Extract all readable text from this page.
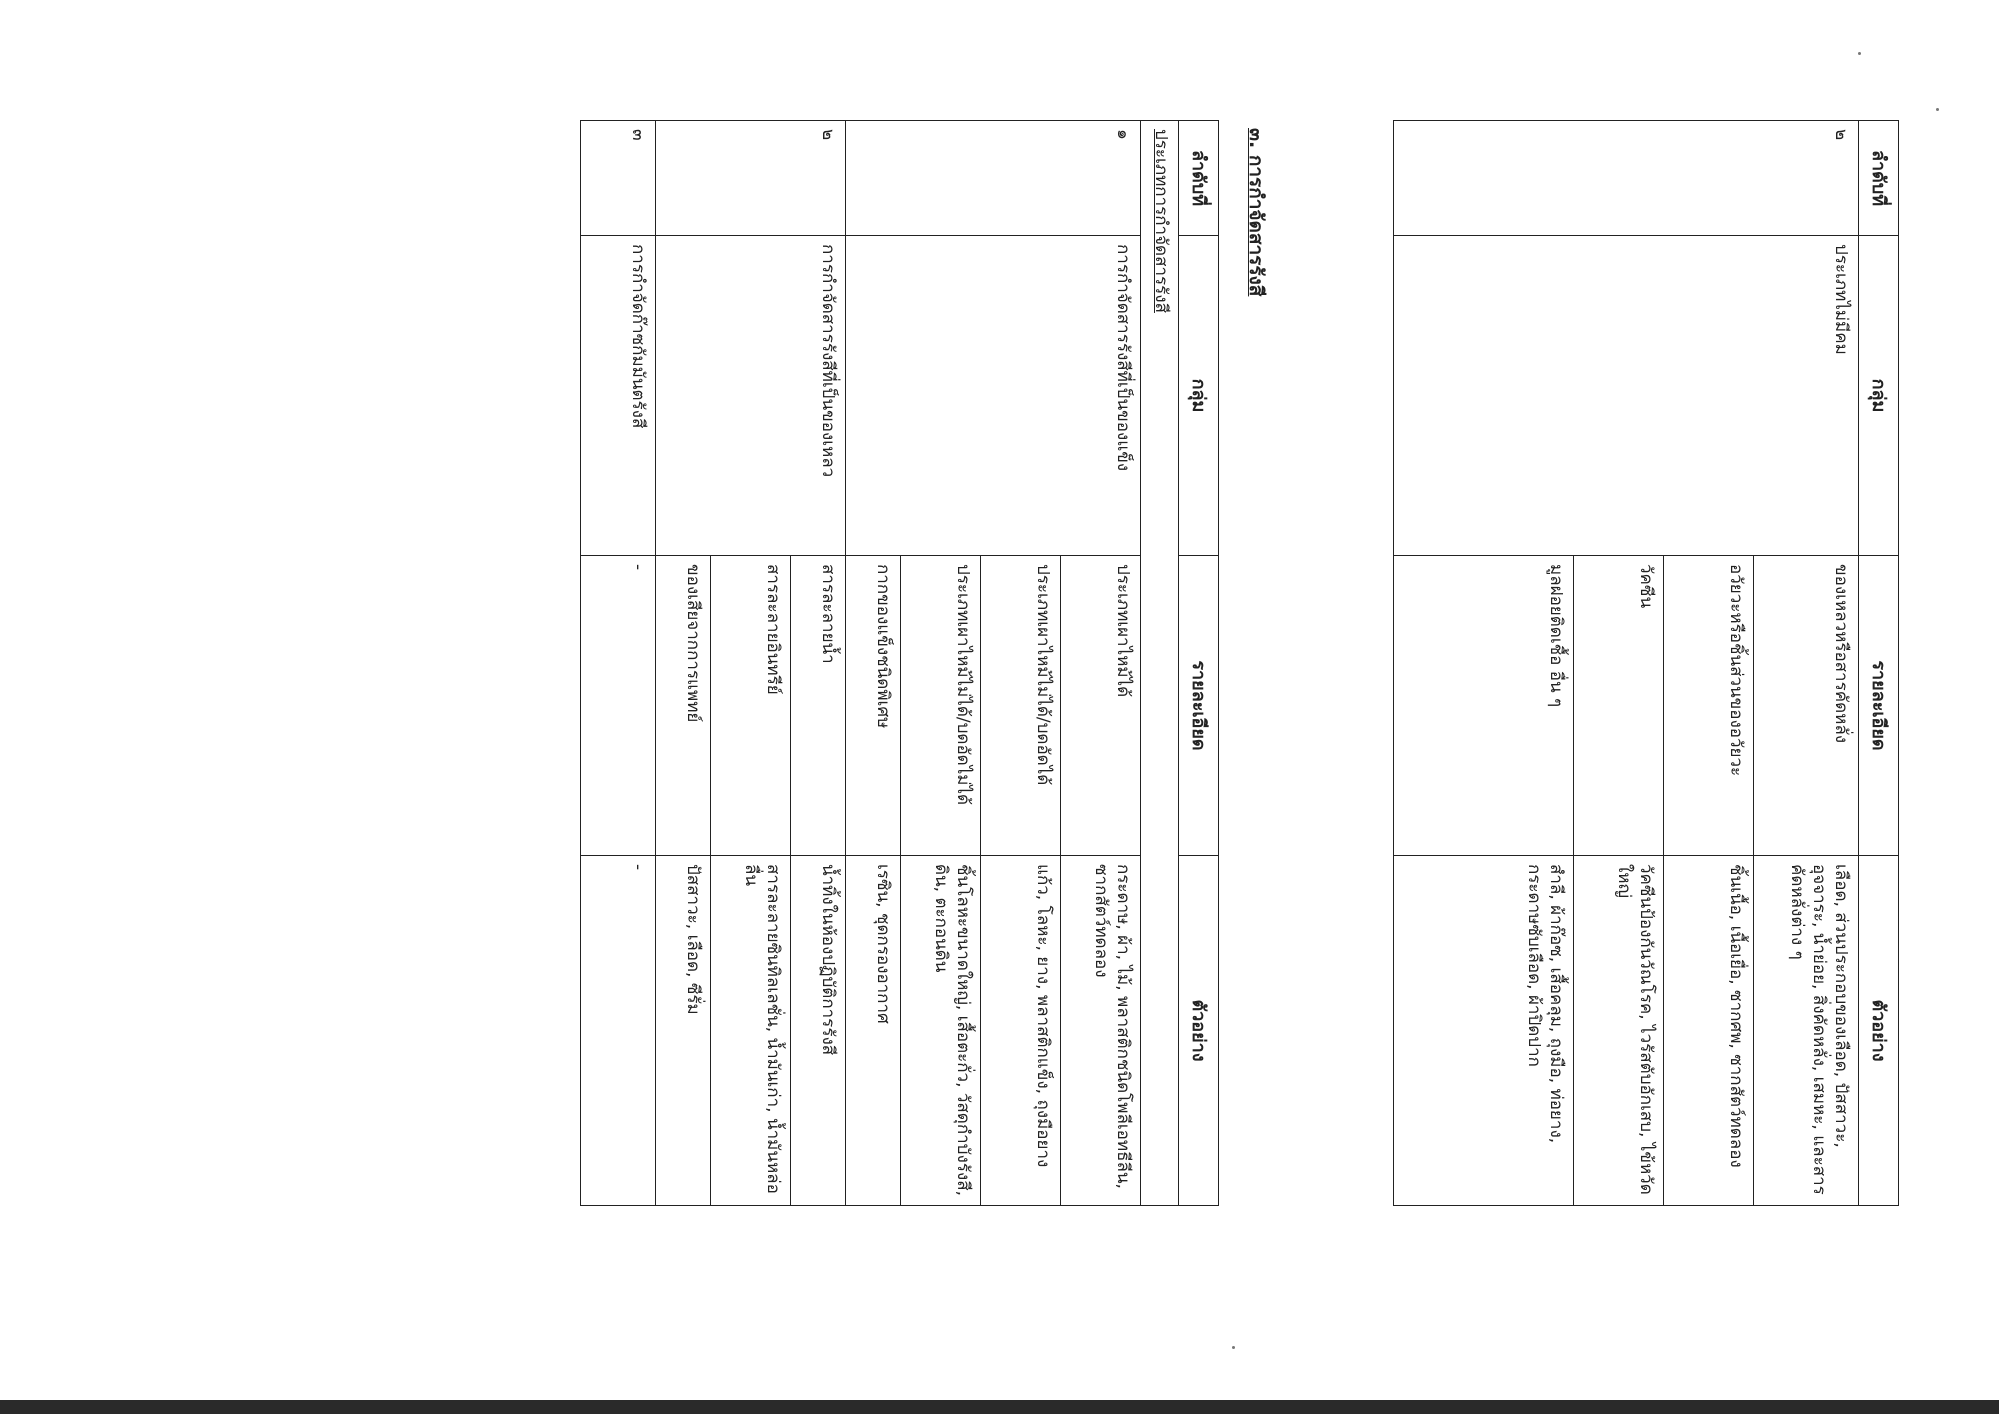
ลำดับที่	กลุ่ม	รายละเอียด	ตัวอย่าง
๒	ประเภทไม่มีคม	ของเหลวหรือสารคัดหลั่ง	เลือด, ส่วนประกอบของเลือด, ปัสสาวะ, อุจจาระ, น้ำย่อย, สิ่งคัดหลั่ง, เสมหะ, และสารคัดหลั่งต่าง ๆ
		อวัยวะหรือชิ้นส่วนของอวัยวะ	ชิ้นเนื้อ, เนื้อเยื่อ, ซากศพ, ซากสัตว์ทดลอง
		วัคซีน	วัคซีนป้องกันวัณโรค, ไวรัสตับอักเสบ, ไข้หวัดใหญ่
		มูลฝอยติดเชื้อ อื่น ๆ	สำลี, ผ้าก๊อซ, เสื้อคลุม, ถุงมือ, ท่อยาง, กระดาษซับเลือด, ผ้าปิดปาก
๓. การกำจัดสารรังสี
ลำดับที่	กลุ่ม	รายละเอียด	ตัวอย่าง
ประเภทการกำจัดสารรังสี			
๑	การกำจัดสารรังสีที่เป็นของแข็ง	ประเภทเผาไหม้ได้	กระดาษ, ผ้า, ไม้, พลาสติกชนิดโพลีเอทธีลีน, ซากสัตว์ทดลอง
		ประเภทเผาไหม้ไม่ได้/บดอัดได้	แก้ว, โลหะ, ยาง, พลาสติกแข็ง, ถุงมือยาง
		ประเภทเผาไหม้ไม่ได้/บดอัดไม่ได้	ชิ้นโลหะขนาดใหญ่, เสื้อตะกั่ว, วัสดุกำบังรังสี, ดิน, ตะกอนดิน
		กากของแข็งชนิดพิเศษ	เรซิน, ชุดกรองอากาศ
๒	การกำจัดสารรังสีที่เป็นของเหลว	สารละลายน้ำ	น้ำทิ้งในห้องปฏิบัติการรังสี
		สารละลายอินทรีย์	สารละลายซินทิลเลชั่น, น้ำมันเก่า, น้ำมันหล่อลื่น
		ของเสียจากการแพทย์	ปัสสาวะ, เลือด, ซีรั่ม
๓	การกำจัดก๊าซกัมมันตรังสี	-	-
